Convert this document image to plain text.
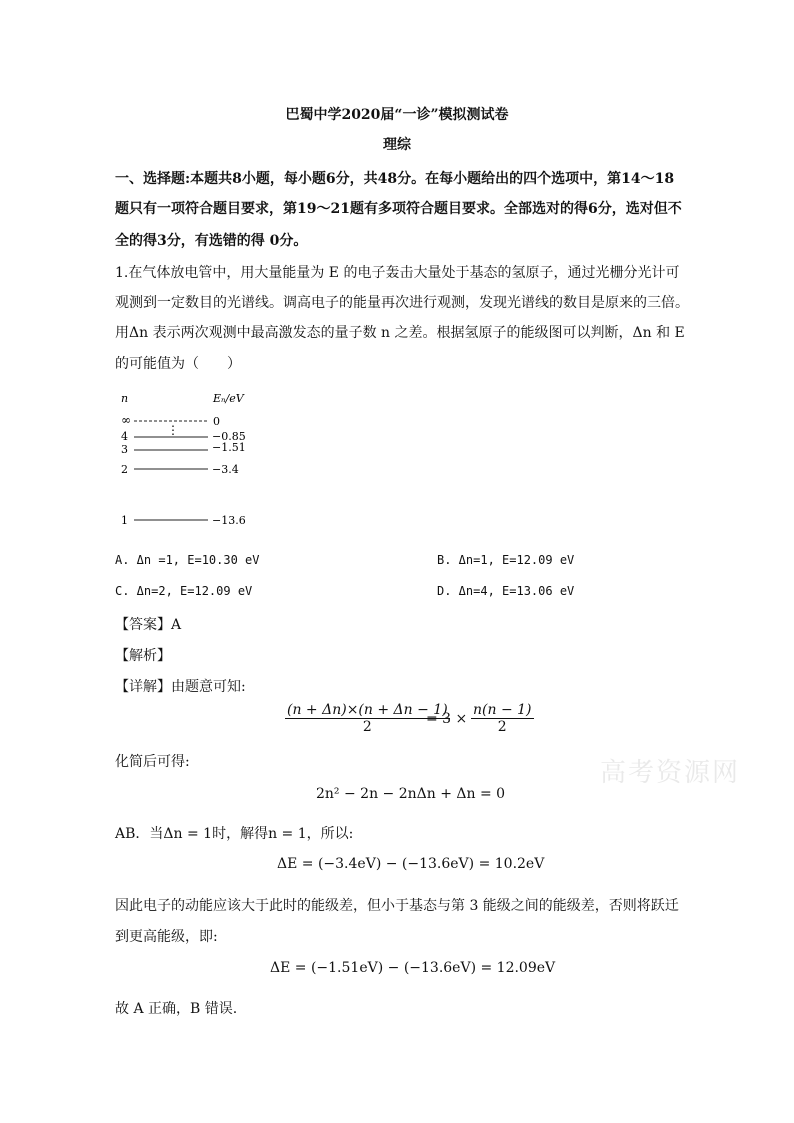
巴蜀中学2020届“一诊”模拟测试卷
理综
一、选择题:本题共8小题，每小题6分，共48分。在每小题给出的四个选项中，第14～18
题只有一项符合题目要求，第19～21题有多项符合题目要求。全部选对的得6分，选对但不
全的得3分，有选错的得 0分。
1.在气体放电管中，用大量能量为 E 的电子轰击大量处于基态的氢原子，通过光栅分光计可
观测到一定数目的光谱线。调高电子的能量再次进行观测，发现光谱线的数目是原来的三倍。
用Δn 表示两次观测中最高激发态的量子数 n 之差。根据氢原子的能级图可以判断，Δn 和 E
的可能值为（　　）
n	Eₙ/eV
∞	0
⋮
4	−0.85
3	−1.51
2	−3.4
1	−13.6
A. Δn =1, E=10.30 eV	B. Δn=1, E=12.09 eV
C. Δn=2, E=12.09 eV	D. Δn=4, E=13.06 eV
【答案】A
【解析】
【详解】由题意可知:
$\frac{(n + \Delta n)\times(n + \Delta n - 1)}{2}$
= $3 \times \frac{n(n - 1)}{2}$
化简后可得:
2n² − 2n − 2nΔn + Δn = 0
AB．当Δn = 1时，解得n = 1，所以:
ΔE = (−3.4eV) − (−13.6eV) = 10.2eV
因此电子的动能应该大于此时的能级差，但小于基态与第 3 能级之间的能级差，否则将跃迁
到更高能级，即:
ΔE = (−1.51eV) − (−13.6eV) = 12.09eV
故 A 正确，B 错误.
高考资源网
